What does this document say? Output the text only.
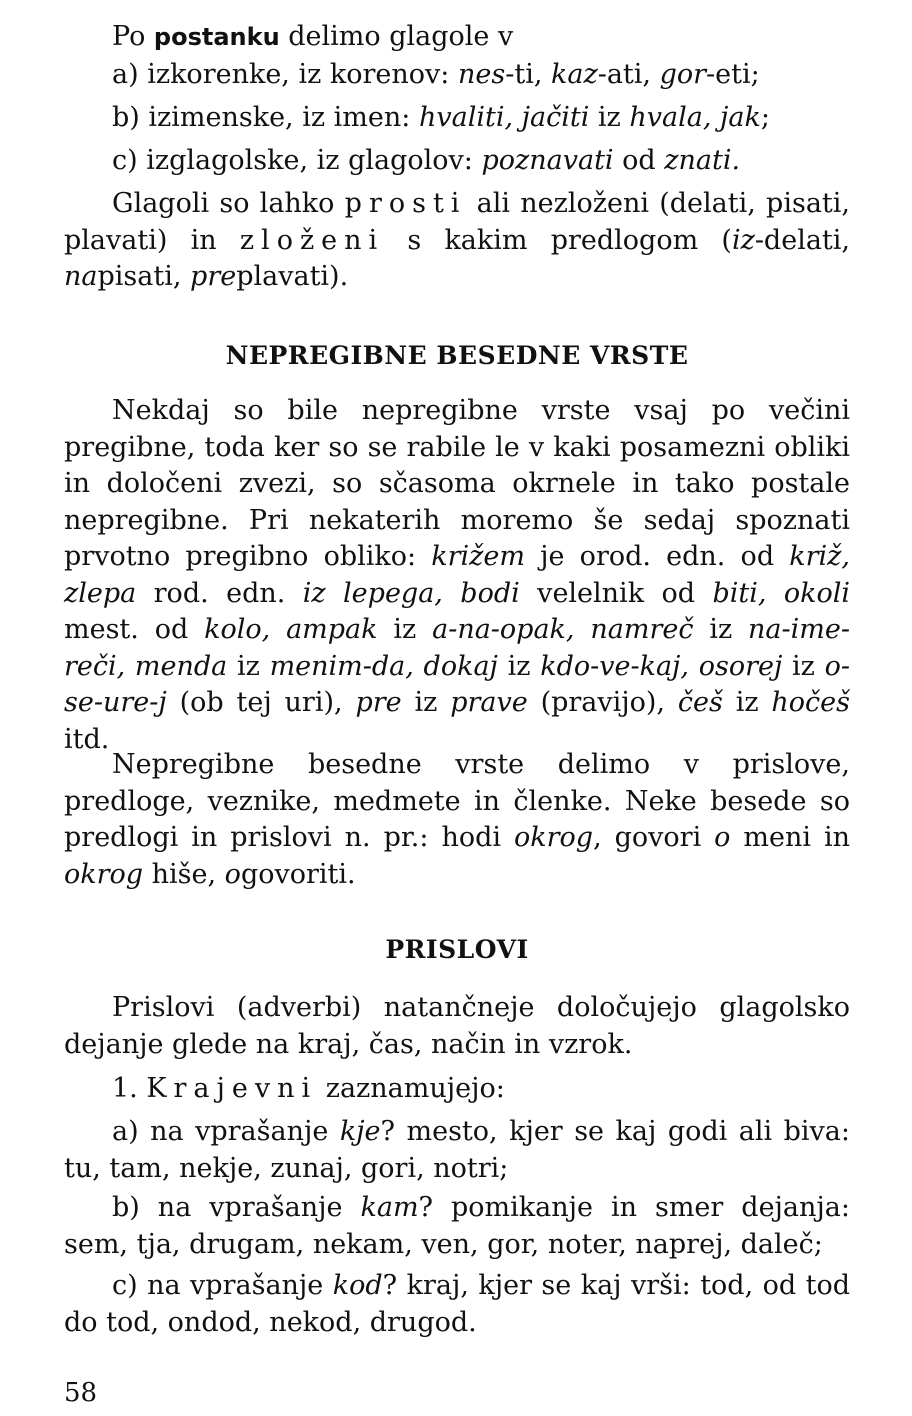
Po postanku delimo glagole v

a) izkorenke, iz korenov: nes-ti, kaz-ati, gor-eti;

b) izimenske, iz imen: hvaliti, jačiti iz hvala, jak;

c) izglagolske, iz glagolov: poznavati od znati.

Glagoli so lahko prosti ali nezloženi (delati, pisati, plavati) in zloženi s kakim predlogom (iz-delati, napisati, preplavati).

NEPREGIBNE BESEDNE VRSTE

Nekdaj so bile nepregibne vrste vsaj po večini pregibne, toda ker so se rabile le v kaki posamezni obliki in določeni zvezi, so sčasoma okrnele in tako postale nepregibne. Pri nekaterih moremo še sedaj spoznati prvotno pregibno obliko: križem je orod. edn. od križ, zlepa rod. edn. iz lepega, bodi velelnik od biti, okoli mest. od kolo, ampak iz a-na-opak, namreč iz na-ime-reči, menda iz menim-da, dokaj iz kdo-ve-kaj, osorej iz o-se-ure-j (ob tej uri), pre iz prave (pravijo), češ iz hočeš itd.

Nepregibne besedne vrste delimo v prislove, predloge, veznike, medmete in členke. Neke besede so predlogi in prislovi n. pr.: hodi okrog, govori o meni in okrog hiše, ogovoriti.

PRISLOVI

Prislovi (adverbi) natančneje določujejo glagolsko dejanje glede na kraj, čas, način in vzrok.

1. Krajevni zaznamujejo:

a) na vprašanje kje? mesto, kjer se kaj godi ali biva: tu, tam, nekje, zunaj, gori, notri;

b) na vprašanje kam? pomikanje in smer dejanja: sem, tja, drugam, nekam, ven, gor, noter, naprej, daleč;

c) na vprašanje kod? kraj, kjer se kaj vrši: tod, od tod do tod, ondod, nekod, drugod.

58
